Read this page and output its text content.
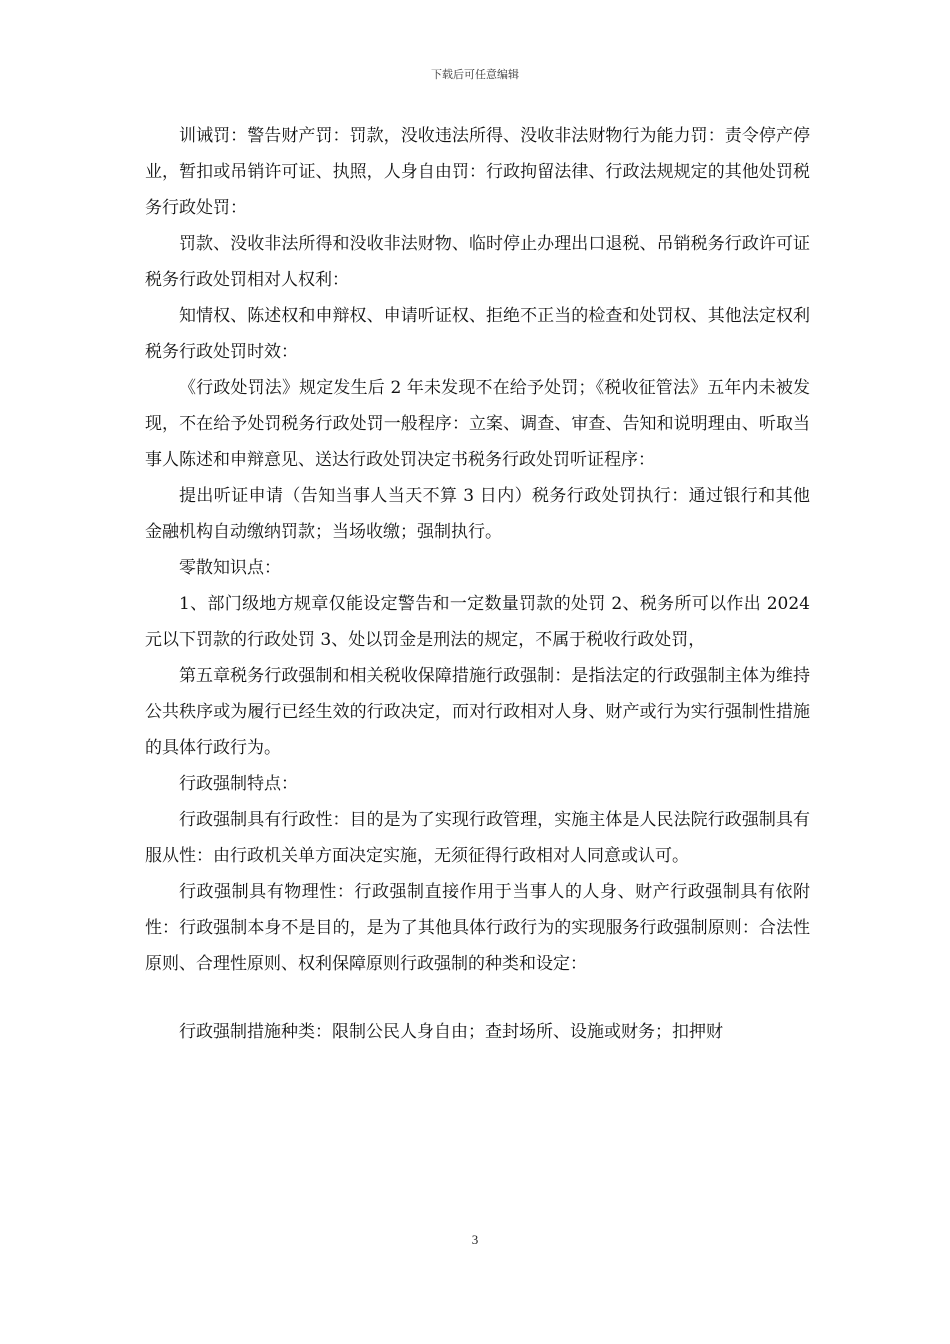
下载后可任意编辑

训诫罚：警告财产罚：罚款，没收违法所得、没收非法财物行为能力罚：责令停产停业，暂扣或吊销许可证、执照，人身自由罚：行政拘留法律、行政法规规定的其他处罚税务行政处罚：

罚款、没收非法所得和没收非法财物、临时停止办理出口退税、吊销税务行政许可证税务行政处罚相对人权利：

知情权、陈述权和申辩权、申请听证权、拒绝不正当的检查和处罚权、其他法定权利税务行政处罚时效：

《行政处罚法》规定发生后 2 年未发现不在给予处罚；《税收征管法》五年内未被发现，不在给予处罚税务行政处罚一般程序：立案、调查、审查、告知和说明理由、听取当事人陈述和申辩意见、送达行政处罚决定书税务行政处罚听证程序：

提出听证申请（告知当事人当天不算 3 日内）税务行政处罚执行：通过银行和其他金融机构自动缴纳罚款；当场收缴；强制执行。

零散知识点：

1、部门级地方规章仅能设定警告和一定数量罚款的处罚 2、税务所可以作出 2024 元以下罚款的行政处罚 3、处以罚金是刑法的规定，不属于税收行政处罚，

第五章税务行政强制和相关税收保障措施行政强制：是指法定的行政强制主体为维持公共秩序或为履行已经生效的行政决定，而对行政相对人身、财产或行为实行强制性措施的具体行政行为。

行政强制特点：

行政强制具有行政性：目的是为了实现行政管理，实施主体是人民法院行政强制具有服从性：由行政机关单方面决定实施，无须征得行政相对人同意或认可。

行政强制具有物理性：行政强制直接作用于当事人的人身、财产行政强制具有依附性：行政强制本身不是目的，是为了其他具体行政行为的实现服务行政强制原则：合法性原则、合理性原则、权利保障原则行政强制的种类和设定：

行政强制措施种类：限制公民人身自由；查封场所、设施或财务；扣押财

3
